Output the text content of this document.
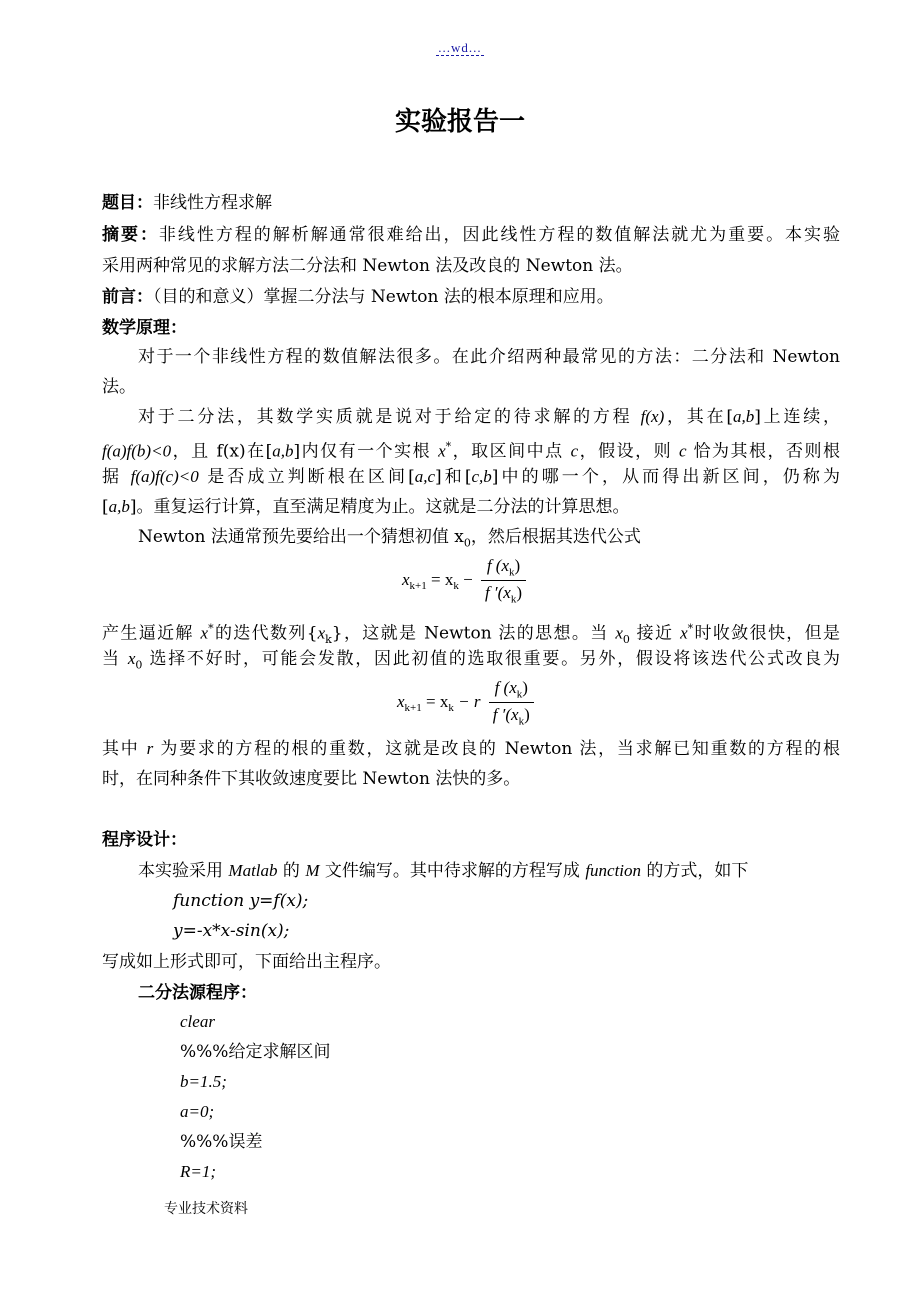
...wd...
实验报告一
题目：非线性方程求解
摘要：非线性方程的解析解通常很难给出，因此线性方程的数值解法就尤为重要。本实验
采用两种常见的求解方法二分法和 Newton 法及改良的 Newton 法。
前言：（目的和意义）掌握二分法与 Newton 法的根本原理和应用。
数学原理：
对于一个非线性方程的数值解法很多。在此介绍两种最常见的方法：二分法和 Newton
法。
对于二分法，其数学实质就是说对于给定的待求解的方程 f(x)，其在[a,b]上连续，
f(a)f(b)<0，且 f(x)在[a,b]内仅有一个实根 x*，取区间中点 c，假设，则 c 恰为其根，否则根
据 f(a)f(c)<0 是否成立判断根在区间[a,c]和[c,b]中的哪一个，从而得出新区间，仍称为
[a,b]。重复运行计算，直至满足精度为止。这就是二分法的计算思想。
Newton 法通常预先要给出一个猜想初值 $x_0$，然后根据其迭代公式
$x_{k+1} = x_k - \frac{f (x_k)}{f '(x_k)}$
产生逼近解 x*的迭代数列$\{x_k\}$，这就是 Newton 法的思想。当 $x_0$ 接近 x*时收敛很快，但是
当 $x_0$ 选择不好时，可能会发散，因此初值的选取很重要。另外，假设将该迭代公式改良为
$x_{k+1} = x_k - r \frac{f (x_k)}{f '(x_k)}$
其中 r 为要求的方程的根的重数，这就是改良的 Newton 法，当求解已知重数的方程的根
时，在同种条件下其收敛速度要比 Newton 法快的多。
程序设计：
本实验采用 Matlab 的 M 文件编写。其中待求解的方程写成 function 的方式，如下
function y=f(x);
y=-x*x-sin(x);
写成如上形式即可，下面给出主程序。
二分法源程序：
clear
%%%给定求解区间
b=1.5;
a=0;
%%%误差
R=1;
专业技术资料
